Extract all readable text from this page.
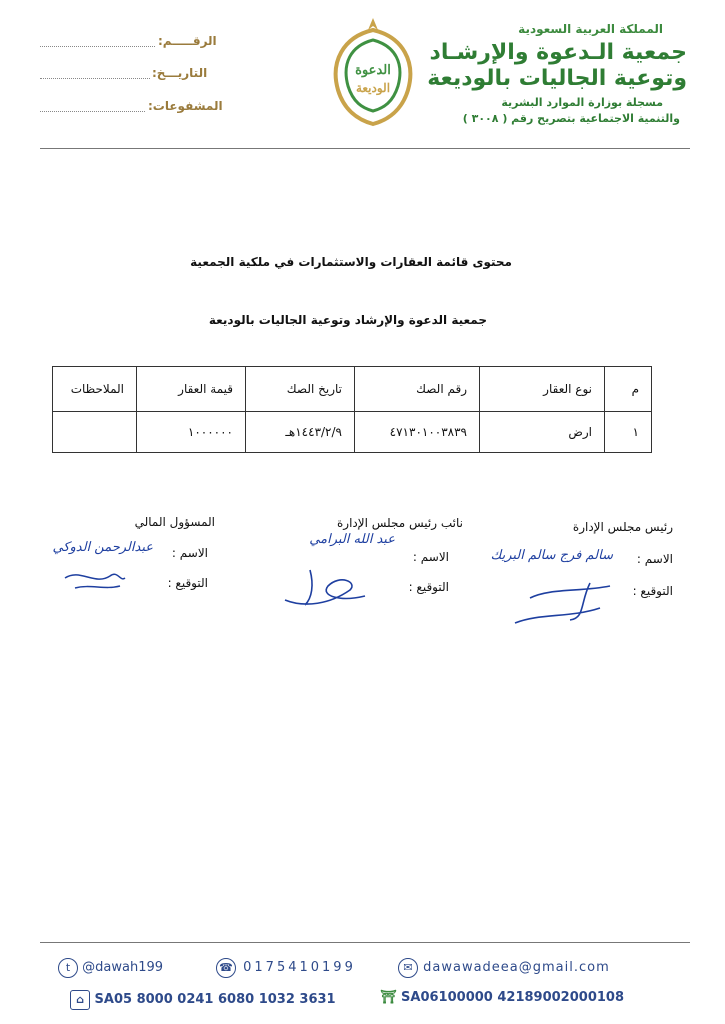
المملكة العربية السعودية
جمعية الـدعوة والإرشـاد
وتوعية الجاليات بالوديعة
مسجلة بوزارة الموارد البشرية
والتنمية الاجتماعية بتصريح رقم ( ٣٠٠٨ )
الدعوة
الوديعة
الرقـــــم:
التاريـــخ:
المشفوعات:
محتوى قائمة العقارات والاستثمارات في ملكية الجمعية
جمعية الدعوة والإرشاد وتوعية الجاليات بالوديعة
م	نوع العقار	رقم الصك	تاريخ الصك	قيمة العقار	الملاحظات
١	ارض	٤٧١٣٠١٠٠٣٨٣٩	١٤٤٣/٢/٩هـ	١٠٠٠٠٠٠	
رئيس مجلس الإدارة
الاسم :
سالم فرج سالم البريك
التوقيع :
نائب رئيس مجلس الإدارة
الاسم :
عبد الله البرامي
التوقيع :
المسؤول المالي
الاسم :
عبدالرحمن الدوكي
التوقيع :
t @dawah199	☎ 0175410199	✉ dawawadeea@gmail.com
⌂ SA05 8000 0241 6080 1032 3631	⛩ SA06100000 42189002000108
